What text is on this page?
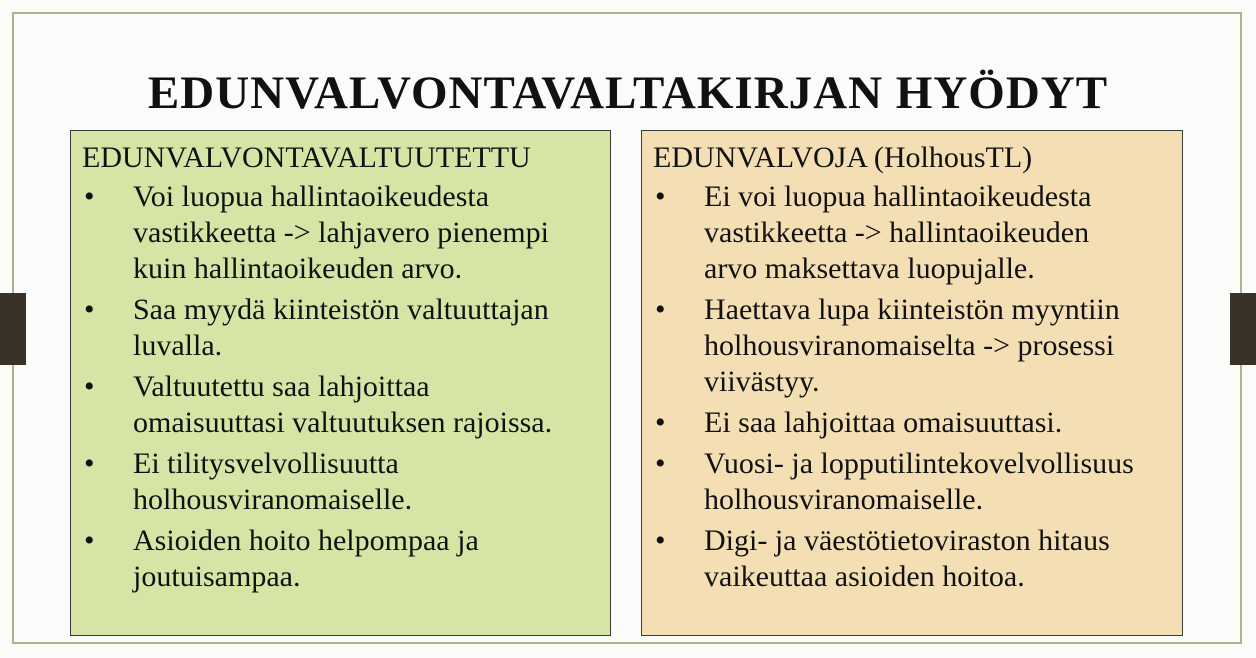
EDUNVALVONTAVALTAKIRJAN HYÖDYT
EDUNVALVONTAVALTUUTETTU
• Voi luopua hallintaoikeudesta
vastikkeetta -> lahjavero pienempi
kuin hallintaoikeuden arvo.
• Saa myydä kiinteistön valtuuttajan
luvalla.
• Valtuutettu saa lahjoittaa
omaisuuttasi valtuutuksen rajoissa.
• Ei tilitysvelvollisuutta
holhousviranomaiselle.
• Asioiden hoito helpompaa ja
joutuisampaa.
EDUNVALVOJA (HolhousTL)
• Ei voi luopua hallintaoikeudesta
vastikkeetta -> hallintaoikeuden
arvo maksettava luopujalle.
• Haettava lupa kiinteistön myyntiin
holhousviranomaiselta -> prosessi
viivästyy.
• Ei saa lahjoittaa omaisuuttasi.
• Vuosi- ja lopputilintekovelvollisuus
holhousviranomaiselle.
• Digi- ja väestötietoviraston hitaus
vaikeuttaa asioiden hoitoa.
